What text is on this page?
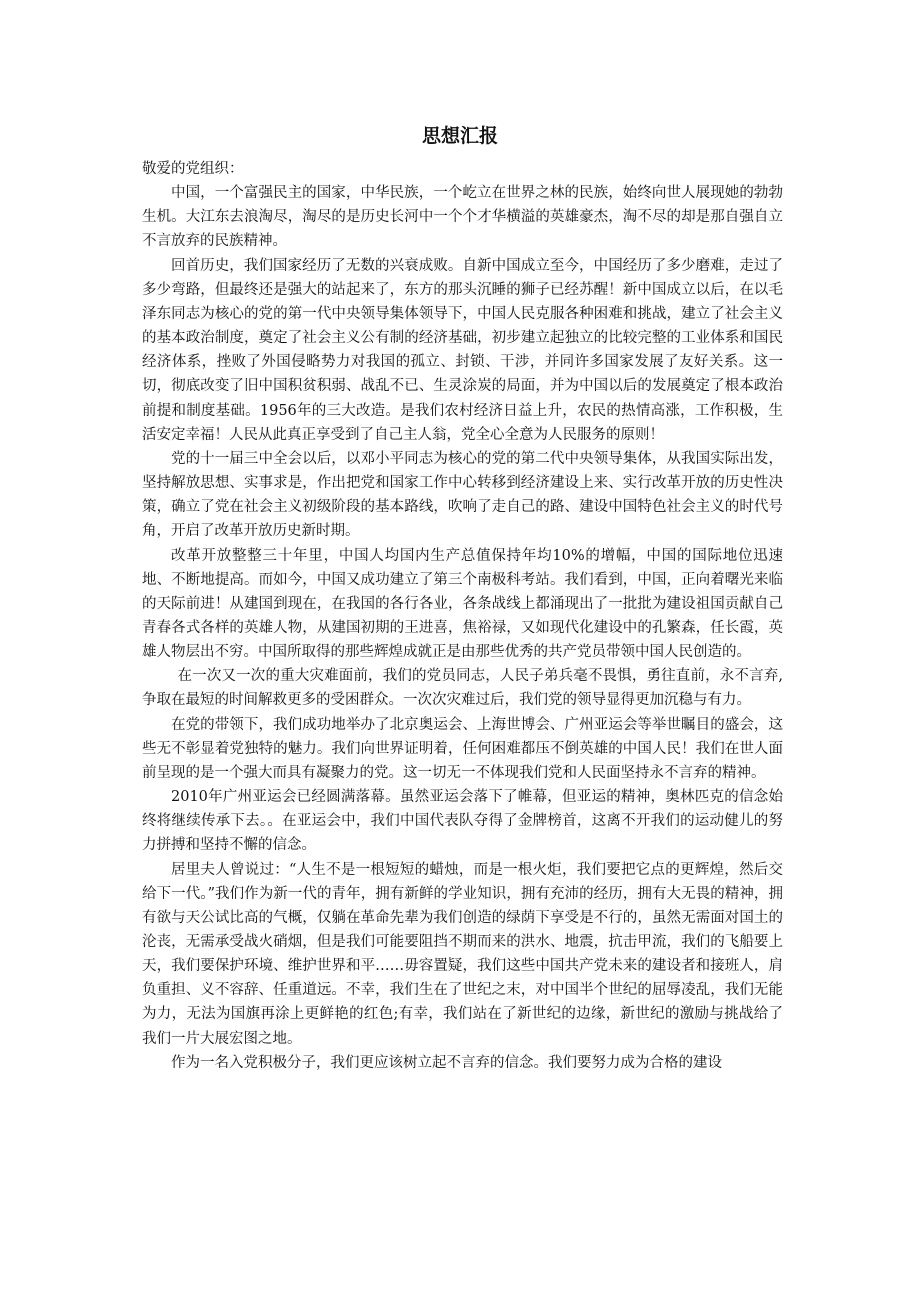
思想汇报

敬爱的党组织：

中国，一个富强民主的国家，中华民族，一个屹立在世界之林的民族，始终向世人展现她的勃勃生机。大江东去浪淘尽，淘尽的是历史长河中一个个才华横溢的英雄豪杰，淘不尽的却是那自强自立不言放弃的民族精神。

回首历史，我们国家经历了无数的兴衰成败。自新中国成立至今，中国经历了多少磨难，走过了多少弯路，但最终还是强大的站起来了，东方的那头沉睡的狮子已经苏醒！新中国成立以后，在以毛泽东同志为核心的党的第一代中央领导集体领导下，中国人民克服各种困难和挑战，建立了社会主义的基本政治制度，奠定了社会主义公有制的经济基础，初步建立起独立的比较完整的工业体系和国民经济体系，挫败了外国侵略势力对我国的孤立、封锁、干涉，并同许多国家发展了友好关系。这一切，彻底改变了旧中国积贫积弱、战乱不已、生灵涂炭的局面，并为中国以后的发展奠定了根本政治前提和制度基础。1956年的三大改造。是我们农村经济日益上升，农民的热情高涨，工作积极，生活安定幸福！人民从此真正享受到了自己主人翁，党全心全意为人民服务的原则！

党的十一届三中全会以后，以邓小平同志为核心的党的第二代中央领导集体，从我国实际出发，坚持解放思想、实事求是，作出把党和国家工作中心转移到经济建设上来、实行改革开放的历史性决策，确立了党在社会主义初级阶段的基本路线，吹响了走自己的路、建设中国特色社会主义的时代号角，开启了改革开放历史新时期。

改革开放整整三十年里，中国人均国内生产总值保持年均10%的增幅，中国的国际地位迅速地、不断地提高。而如今，中国又成功建立了第三个南极科考站。我们看到，中国，正向着曙光来临的天际前进！从建国到现在，在我国的各行各业，各条战线上都涌现出了一批批为建设祖国贡献自己青春各式各样的英雄人物，从建国初期的王进喜，焦裕禄，又如现代化建设中的孔繁森，任长霞，英雄人物层出不穷。中国所取得的那些辉煌成就正是由那些优秀的共产党员带领中国人民创造的。

在一次又一次的重大灾难面前，我们的党员同志，人民子弟兵毫不畏惧，勇往直前，永不言弃,争取在最短的时间解救更多的受困群众。一次次灾难过后，我们党的领导显得更加沉稳与有力。

在党的带领下，我们成功地举办了北京奥运会、上海世博会、广州亚运会等举世瞩目的盛会，这些无不彰显着党独特的魅力。我们向世界证明着，任何困难都压不倒英雄的中国人民！我们在世人面前呈现的是一个强大而具有凝聚力的党。这一切无一不体现我们党和人民面坚持永不言弃的精神。

2010年广州亚运会已经圆满落幕。虽然亚运会落下了帷幕，但亚运的精神，奥林匹克的信念始终将继续传承下去。。在亚运会中，我们中国代表队夺得了金牌榜首，这离不开我们的运动健儿的努力拼搏和坚持不懈的信念。

居里夫人曾说过：“人生不是一根短短的蜡烛，而是一根火炬，我们要把它点的更辉煌，然后交给下一代。”我们作为新一代的青年，拥有新鲜的学业知识，拥有充沛的经历，拥有大无畏的精神，拥有欲与天公试比高的气概，仅躺在革命先辈为我们创造的绿荫下享受是不行的，虽然无需面对国土的沦丧，无需承受战火硝烟，但是我们可能要阻挡不期而来的洪水、地震，抗击甲流，我们的飞船要上天，我们要保护环境、维护世界和平……毋容置疑，我们这些中国共产党未来的建设者和接班人，肩负重担、义不容辞、任重道远。不幸，我们生在了世纪之末，对中国半个世纪的屈辱凌乱，我们无能为力，无法为国旗再涂上更鲜艳的红色;有幸，我们站在了新世纪的边缘，新世纪的激励与挑战给了我们一片大展宏图之地。

作为一名入党积极分子，我们更应该树立起不言弃的信念。我们要努力成为合格的建设
